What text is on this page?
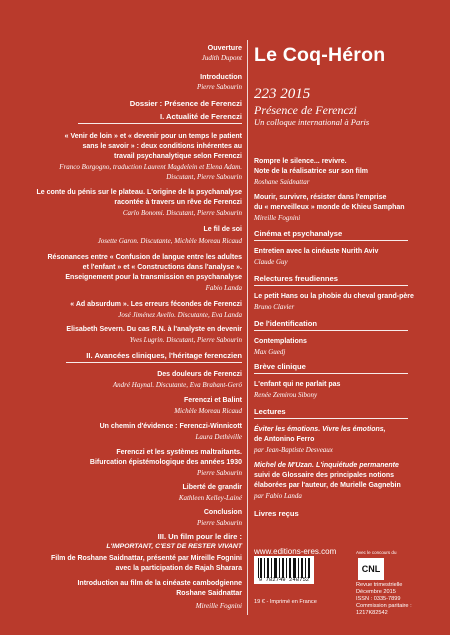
Ouverture
Judith Dupont
Introduction
Pierre Sabourin
Dossier : Présence de Ferenczi
I. Actualité de Ferenczi
« Venir de loin » et « devenir pour un temps le patient
sans le savoir » : deux conditions inhérentes au
travail psychanalytique selon Ferenczi
Franco Borgogno, traduction Laurent Magdelein et Elena Adam.
Discutant, Pierre Sabourin
Le conte du pénis sur le plateau. L'origine de la psychanalyse
racontée à travers un rêve de Ferenczi
Carlo Bonomi. Discutant, Pierre Sabourin
Le fil de soi
Josette Garon. Discutante, Michèle Moreau Ricaud
Résonances entre « Confusion de langue entre les adultes
et l'enfant » et « Constructions dans l'analyse ».
Enseignement pour la transmission en psychanalyse
Fabio Landa
« Ad absurdum ». Les erreurs fécondes de Ferenczi
José Jiménez Avello. Discutante, Eva Landa
Elisabeth Severn. Du cas R.N. à l'analyste en devenir
Yves Lugrin. Discutant, Pierre Sabourin
II. Avancées cliniques, l'héritage ferenczien
Des douleurs de Ferenczi
André Haynal. Discutante, Eva Brabant-Gerö
Ferenczi et Balint
Michèle Moreau Ricaud
Un chemin d'évidence : Ferenczi-Winnicott
Laura Dethiville
Ferenczi et les systèmes maltraitants.
Bifurcation épistémologique des années 1930
Pierre Sabourin
Liberté de grandir
Kathleen Kelley-Lainé
Conclusion
Pierre Sabourin
III. Un film pour le dire :
L'IMPORTANT, C'EST DE RESTER VIVANT
Film de Roshane Saidnattar, présenté par Mireille Fognini
avec la participation de Rajah Sharara
Introduction au film de la cinéaste cambodgienne
Roshane Saidnattar
Mireille Fognini
Le Coq-Héron
223 2015
Présence de Ferenczi
Un colloque international à Paris
Rompre le silence... revivre.
Note de la réalisatrice sur son film
Roshane Saidnattar
Mourir, survivre, résister dans l'emprise
du « merveilleux » monde de Khieu Samphan
Mireille Fognini
Cinéma et psychanalyse
Entretien avec la cinéaste Nurith Aviv
Claude Guy
Relectures freudiennes
Le petit Hans ou la phobie du cheval grand-père
Bruno Clavier
De l'identification
Contemplations
Max Guedj
Brève clinique
L'enfant qui ne parlait pas
Renée Zemirou Sibony
Lectures
Éviter les émotions. Vivre les émotions,
de Antonino Ferro
par Jean-Baptiste Desveaux
Michel de M'Uzan. L'inquiétude permanente
suivi de Glossaire des principales notions
élaborées par l'auteur, de Murielle Gagnebin
par Fabio Landa
Livres reçus
www.editions-eres.com
9 782749 248752
Avec le concours du
CNL
Revue trimestrielle
Décembre 2015
ISSN : 0335-7899
Commission paritaire :
1217K82542
19 € - Imprimé en France
